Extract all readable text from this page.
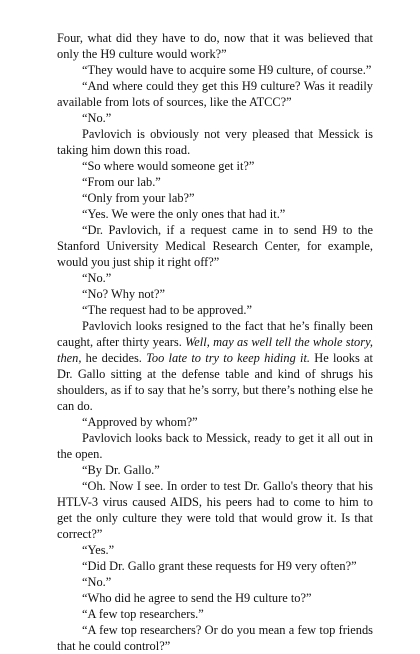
Four, what did they have to do, now that it was believed that only the H9 culture would work?”

“They would have to acquire some H9 culture, of course.”

“And where could they get this H9 culture? Was it readily available from lots of sources, like the ATCC?”

“No.”

Pavlovich is obviously not very pleased that Messick is taking him down this road.

“So where would someone get it?”

“From our lab.”

“Only from your lab?”

“Yes. We were the only ones that had it.”

“Dr. Pavlovich, if a request came in to send H9 to the Stanford University Medical Research Center, for example, would you just ship it right off?”

“No.”

“No? Why not?”

“The request had to be approved.”

Pavlovich looks resigned to the fact that he’s finally been caught, after thirty years. Well, may as well tell the whole story, then, he decides. Too late to try to keep hiding it. He looks at Dr. Gallo sitting at the defense table and kind of shrugs his shoulders, as if to say that he’s sorry, but there’s nothing else he can do.

“Approved by whom?”

Pavlovich looks back to Messick, ready to get it all out in the open.

“By Dr. Gallo.”

“Oh. Now I see. In order to test Dr. Gallo's theory that his HTLV-3 virus caused AIDS, his peers had to come to him to get the only culture they were told that would grow it. Is that correct?”

“Yes.”

“Did Dr. Gallo grant these requests for H9 very often?”

“No.”

“Who did he agree to send the H9 culture to?”

“A few top researchers.”

“A few top researchers? Or do you mean a few top friends that he could control?”
